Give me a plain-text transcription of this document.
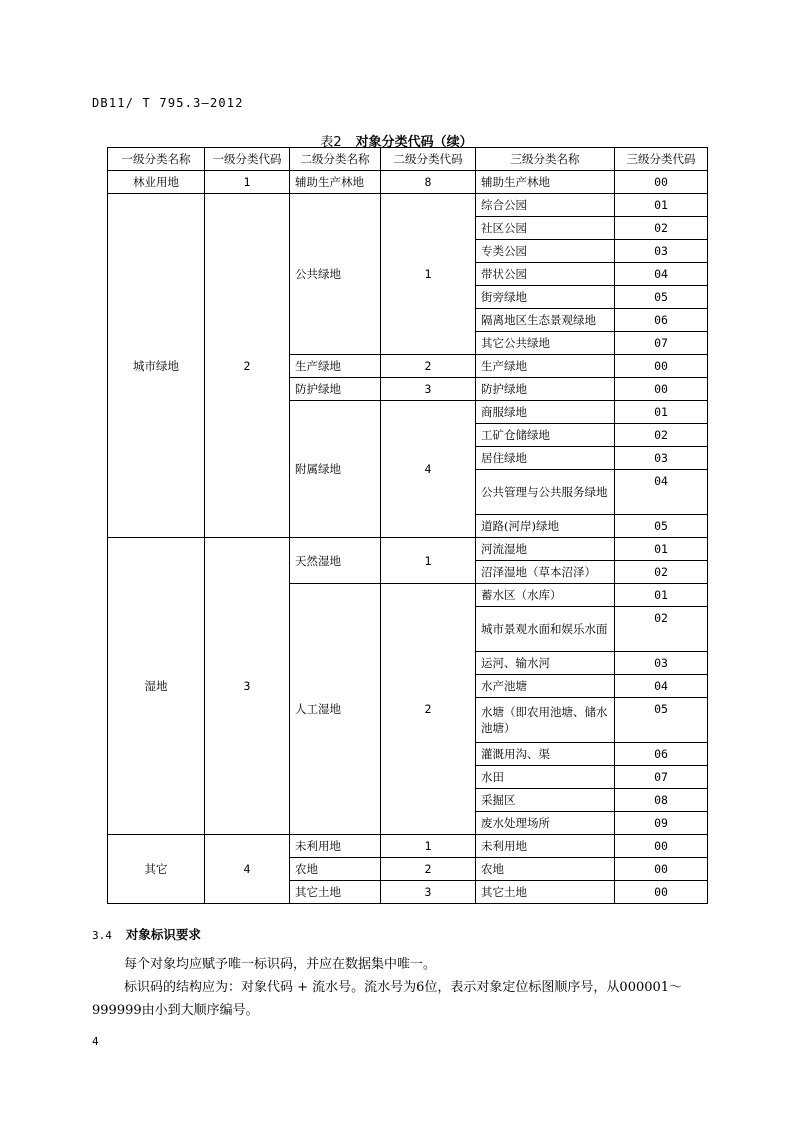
DB11/ T 795.3—2012
表2 对象分类代码（续）
一级分类名称	一级分类代码	二级分类名称	二级分类代码	三级分类名称	三级分类代码
林业用地	1	辅助生产林地	8	辅助生产林地	00
城市绿地	2	公共绿地	1	综合公园	01
				社区公园	02
				专类公园	03
				带状公园	04
				街旁绿地	05
				隔离地区生态景观绿地	06
				其它公共绿地	07
		生产绿地	2	生产绿地	00
		防护绿地	3	防护绿地	00
		附属绿地	4	商服绿地	01
				工矿仓储绿地	02
				居住绿地	03
				公共管理与公共服务绿地	04
				道路(河岸)绿地	05
湿地	3	天然湿地	1	河流湿地	01
				沼泽湿地（草本沼泽）	02
		人工湿地	2	蓄水区（水库）	01
				城市景观水面和娱乐水面	02
				运河、输水河	03
				水产池塘	04
				水塘（即农用池塘、储水池塘）	05
				灌溉用沟、渠	06
				水田	07
				采掘区	08
				废水处理场所	09
其它	4	未利用地	1	未利用地	00
		农地	2	农地	00
		其它土地	3	其它土地	00
3.4 对象标识要求
每个对象均应赋予唯一标识码，并应在数据集中唯一。
标识码的结构应为：对象代码 + 流水号。流水号为6位，表示对象定位标图顺序号，从000001～999999由小到大顺序编号。
4
